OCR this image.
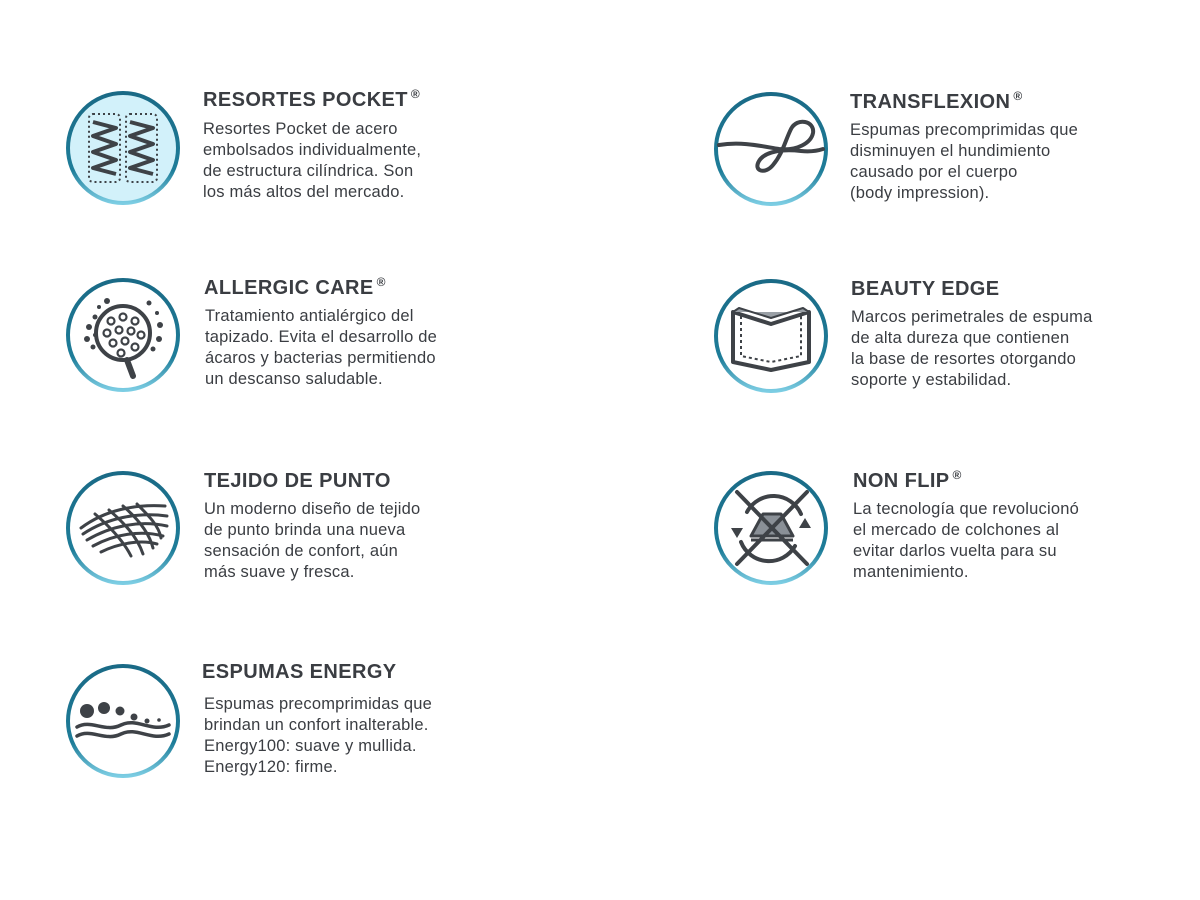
RESORTES POCKET ®
Resortes Pocket de acero
embolsados individualmente,
de estructura cilíndrica. Son
los más altos del mercado.
TRANSFLEXION ®
Espumas precomprimidas que
disminuyen el hundimiento
causado por el cuerpo
(body impression).
ALLERGIC CARE ®
Tratamiento antialérgico del
tapizado. Evita el desarrollo de
ácaros y bacterias permitiendo
un descanso saludable.
BEAUTY EDGE
Marcos perimetrales de espuma
de alta dureza que contienen
la base de resortes otorgando
soporte y estabilidad.
TEJIDO DE PUNTO
Un moderno diseño de tejido
de punto brinda una nueva
sensación de confort, aún
más suave y fresca.
NON FLIP ®
La tecnología que revolucionó
el mercado de colchones al
evitar darlos vuelta para su
mantenimiento.
ESPUMAS ENERGY
Espumas precomprimidas que
brindan un confort inalterable.
Energy100: suave y mullida.
Energy120: firme.
